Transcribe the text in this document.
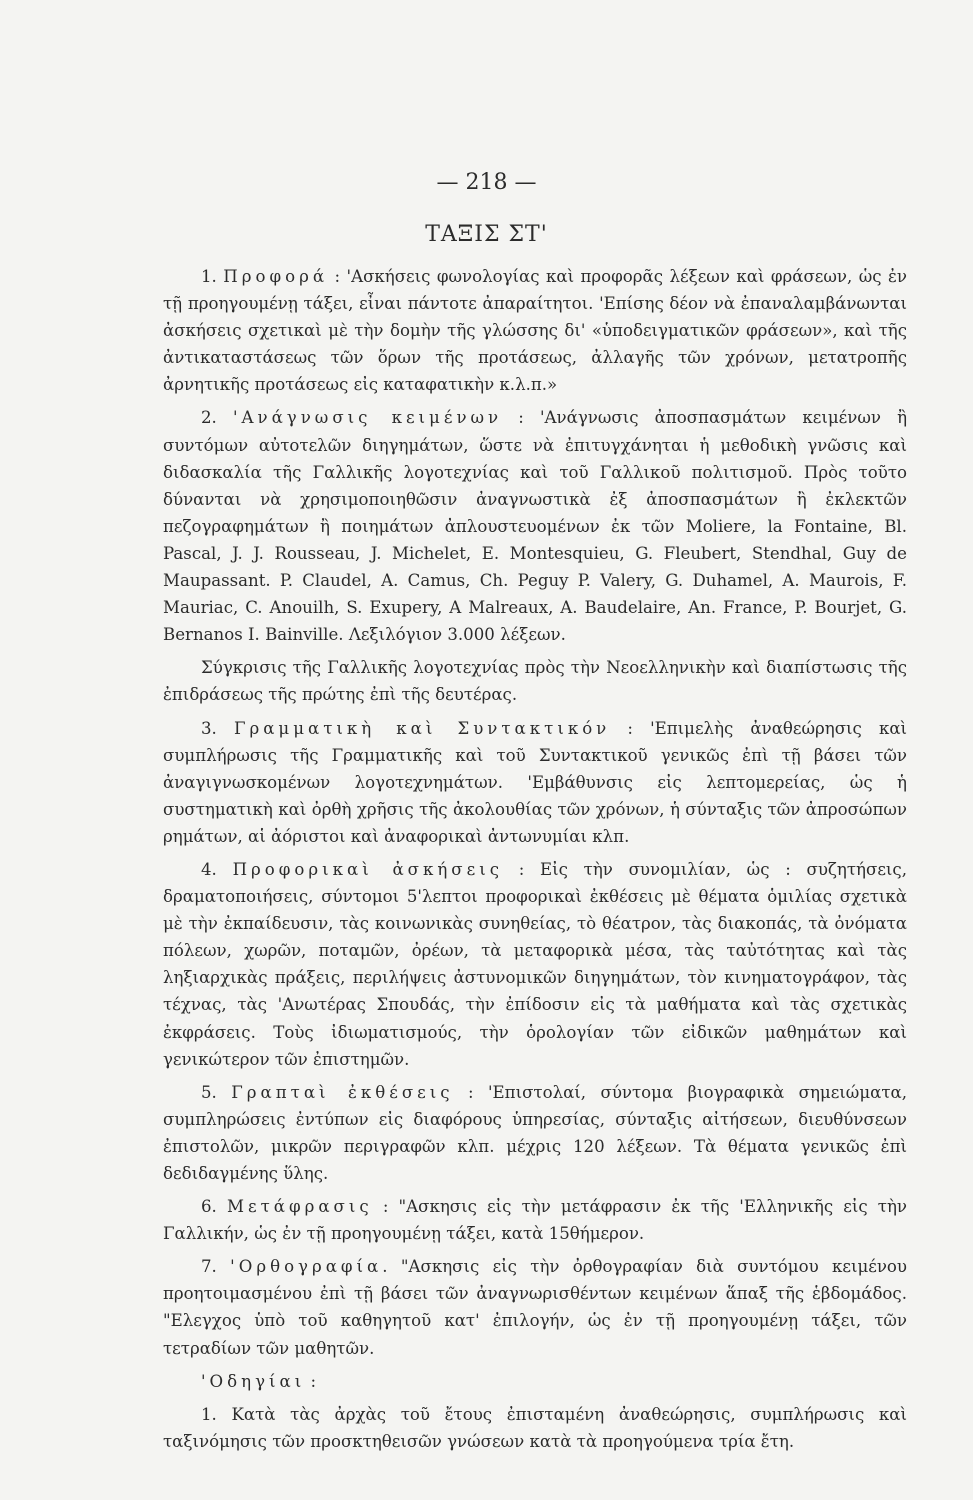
— 218 —
ΤΑΞΙΣ ΣΤ'

1. Προφορά : 'Ασκήσεις φωνολογίας καὶ προφορᾶς λέξεων καὶ φράσεων, ὡς ἐν τῇ προηγουμένῃ τάξει, εἶναι πάντοτε ἀπαραίτητοι. 'Επίσης δέον νὰ ἐπαναλαμβάνωνται ἀσκήσεις σχετικαὶ μὲ τὴν δομὴν τῆς γλώσσης δι' «ὑποδειγματικῶν φράσεων», καὶ τῆς ἀντικαταστάσεως τῶν ὅρων τῆς προτάσεως, ἀλλαγῆς τῶν χρόνων, μετατροπῆς ἀρνητικῆς προτάσεως εἰς καταφατικὴν κ.λ.π.»

2. 'Ανάγνωσις κειμένων : 'Ανάγνωσις ἀποσπασμάτων κειμένων ἢ συντόμων αὐτοτελῶν διηγημάτων, ὥστε νὰ ἐπιτυγχάνηται ἡ μεθοδικὴ γνῶσις καὶ διδασκαλία τῆς Γαλλικῆς λογοτεχνίας καὶ τοῦ Γαλλικοῦ πολιτισμοῦ. Πρὸς τοῦτο δύνανται νὰ χρησιμοποιηθῶσιν ἀναγνωστικὰ ἐξ ἀποσπασμάτων ἢ ἐκλεκτῶν πεζογραφημάτων ἢ ποιημάτων ἀπλουστευομένων ἐκ τῶν Moliere, la Fontaine, Bl. Pascal, J. J. Rousseau, J. Michelet, E. Montesquieu, G. Fleubert, Stendhal, Guy de Maupassant. P. Claudel, A. Camus, Ch. Peguy P. Valery, G. Duhamel, A. Maurois, F. Mauriac, C. Anouilh, S. Exupery, A Malreaux, A. Baudelaire, An. France, P. Bourjet, G. Bernanos I. Bainville. Λεξιλόγιον 3.000 λέξεων.

Σύγκρισις τῆς Γαλλικῆς λογοτεχνίας πρὸς τὴν Νεοελληνικὴν καὶ διαπίστωσις τῆς ἐπιδράσεως τῆς πρώτης ἐπὶ τῆς δευτέρας.

3. Γραμματικὴ καὶ Συντακτικόν : 'Επιμελὴς ἀναθεώρησις καὶ συμπλήρωσις τῆς Γραμματικῆς καὶ τοῦ Συντακτικοῦ γενικῶς ἐπὶ τῇ βάσει τῶν ἀναγιγνωσκομένων λογοτεχνημάτων. 'Εμβάθυνσις εἰς λεπτομερείας, ὡς ἡ συστηματικὴ καὶ ὀρθὴ χρῆσις τῆς ἀκολουθίας τῶν χρόνων, ἡ σύνταξις τῶν ἀπροσώπων ρημάτων, αἱ ἀόριστοι καὶ ἀναφορικαὶ ἀντωνυμίαι κλπ.

4. Προφορικαὶ ἀσκήσεις : Εἰς τὴν συνομιλίαν, ὡς : συζητήσεις, δραματοποιήσεις, σύντομοι 5'λεπτοι προφορικαὶ ἐκθέσεις μὲ θέματα ὁμιλίας σχετικὰ μὲ τὴν ἐκπαίδευσιν, τὰς κοινωνικὰς συνηθείας, τὸ θέατρον, τὰς διακοπάς, τὰ ὀνόματα πόλεων, χωρῶν, ποταμῶν, ὀρέων, τὰ μεταφορικὰ μέσα, τὰς ταὐτότητας καὶ τὰς ληξιαρχικὰς πράξεις, περιλήψεις ἀστυνομικῶν διηγημάτων, τὸν κινηματογράφον, τὰς τέχνας, τὰς 'Ανωτέρας Σπουδάς, τὴν ἐπίδοσιν εἰς τὰ μαθήματα καὶ τὰς σχετικὰς ἐκφράσεις. Τοὺς ἰδιωματισμούς, τὴν ὁρολογίαν τῶν εἰδικῶν μαθημάτων καὶ γενικώτερον τῶν ἐπιστημῶν.

5. Γραπταὶ ἐκθέσεις : 'Επιστολαί, σύντομα βιογραφικὰ σημειώματα, συμπληρώσεις ἐντύπων εἰς διαφόρους ὑπηρεσίας, σύνταξις αἰτήσεων, διευθύνσεων ἐπιστολῶν, μικρῶν περιγραφῶν κλπ. μέχρις 120 λέξεων. Τὰ θέματα γενικῶς ἐπὶ δεδιδαγμένης ὕλης.

6. Μετάφρασις : "Ασκησις εἰς τὴν μετάφρασιν ἐκ τῆς 'Ελληνικῆς εἰς τὴν Γαλλικήν, ὡς ἐν τῇ προηγουμένῃ τάξει, κατὰ 15θήμερον.

7. 'Ορθογραφία. "Ασκησις εἰς τὴν ὀρθογραφίαν διὰ συντόμου κειμένου προητοιμασμένου ἐπὶ τῇ βάσει τῶν ἀναγνωρισθέντων κειμένων ἅπαξ τῆς ἑβδομάδος. "Ελεγχος ὑπὸ τοῦ καθηγητοῦ κατ' ἐπιλογήν, ὡς ἐν τῇ προηγουμένῃ τάξει, τῶν τετραδίων τῶν μαθητῶν.

'Οδηγίαι :

1. Κατὰ τὰς ἀρχὰς τοῦ ἔτους ἐπισταμένη ἀναθεώρησις, συμπλήρωσις καὶ ταξινόμησις τῶν προσκτηθεισῶν γνώσεων κατὰ τὰ προηγούμενα τρία ἔτη.
